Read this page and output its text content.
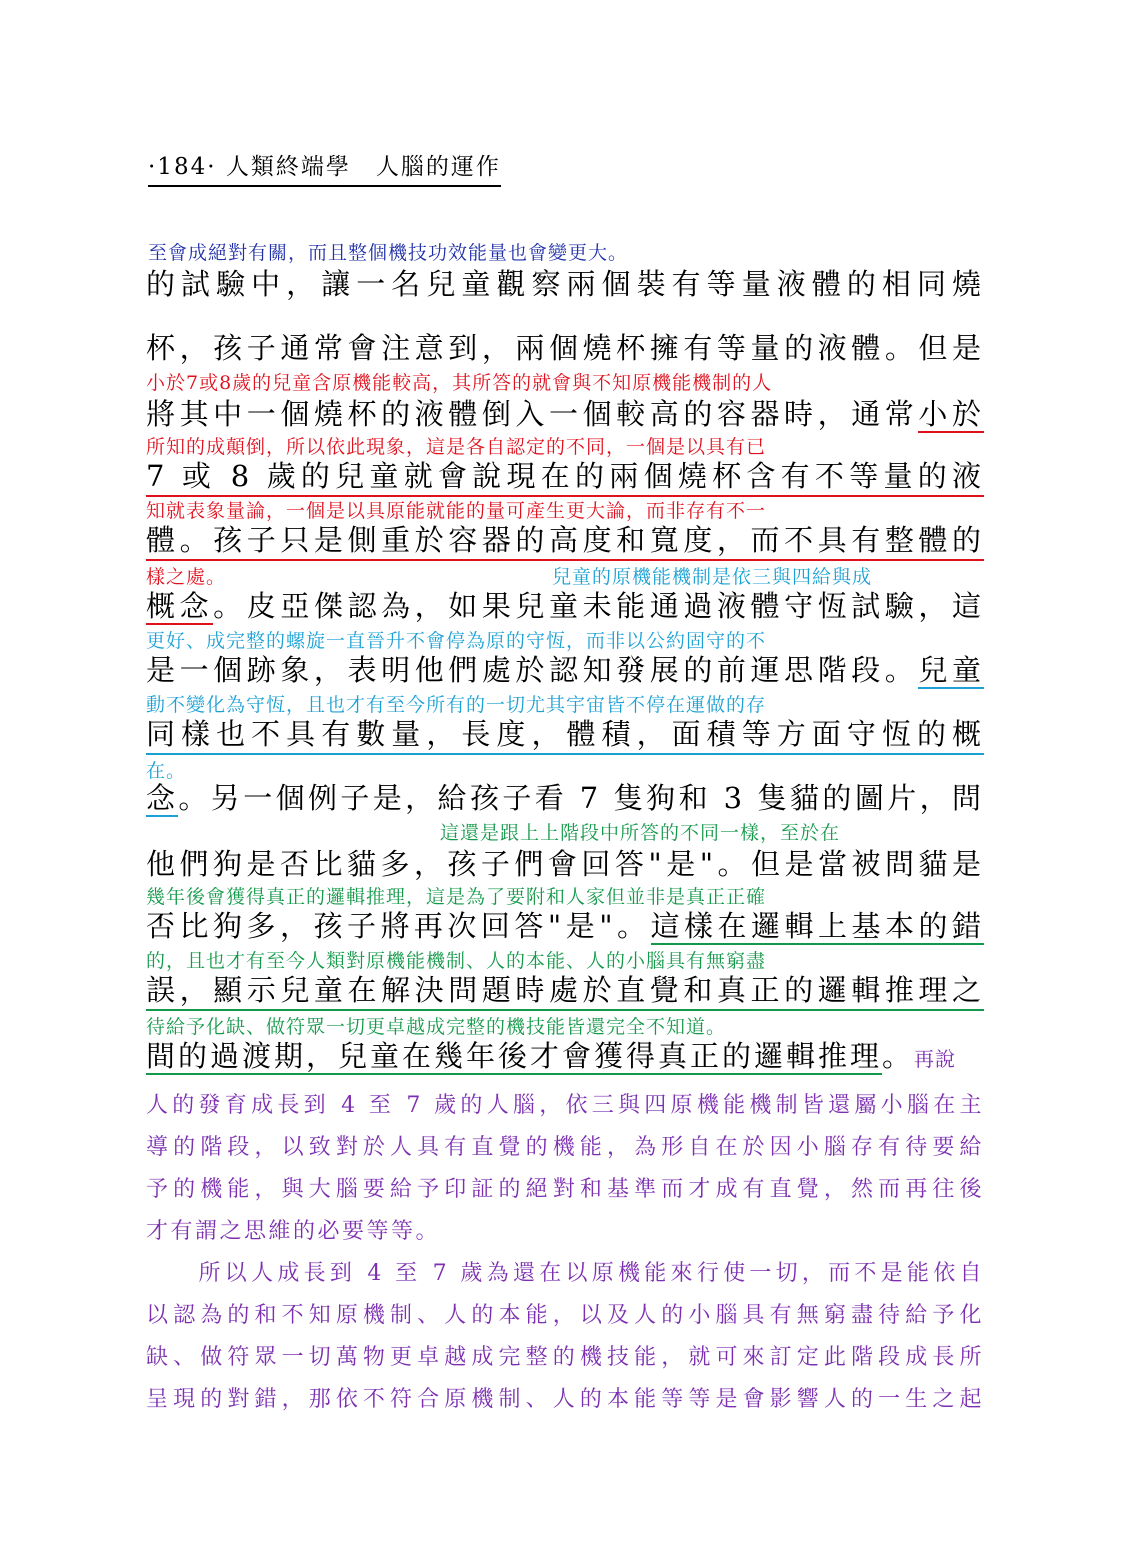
·184· 人類終端學　人腦的運作
至會成絕對有關，而且整個機技功效能量也會變更大。
的試驗中，讓一名兒童觀察兩個裝有等量液體的相同燒
杯，孩子通常會注意到，兩個燒杯擁有等量的液體。但是
小於7或8歲的兒童含原機能較高，其所答的就會與不知原機能機制的人
將其中一個燒杯的液體倒入一個較高的容器時，通常小於
所知的成顛倒，所以依此現象，這是各自認定的不同，一個是以具有已
7 或 8 歲的兒童就會說現在的兩個燒杯含有不等量的液
知就表象量論，一個是以具原能就能的量可產生更大論，而非存有不一
體。孩子只是側重於容器的高度和寬度，而不具有整體的
樣之處。	兒童的原機能機制是依三與四給與成
概念。皮亞傑認為，如果兒童未能通過液體守恆試驗，這
更好、成完整的螺旋一直晉升不會停為原的守恆，而非以公約固守的不
是一個跡象，表明他們處於認知發展的前運思階段。兒童
動不變化為守恆，且也才有至今所有的一切尤其宇宙皆不停在運做的存
同樣也不具有數量，長度，體積，面積等方面守恆的概
在。
念。另一個例子是，給孩子看 7 隻狗和 3 隻貓的圖片，問
這還是跟上上階段中所答的不同一樣，至於在
他們狗是否比貓多，孩子們會回答"是"。但是當被問貓是
幾年後會獲得真正的邏輯推理，這是為了要附和人家但並非是真正正確
否比狗多，孩子將再次回答"是"。這樣在邏輯上基本的錯
的，且也才有至今人類對原機能機制、人的本能、人的小腦具有無窮盡
誤，顯示兒童在解決問題時處於直覺和真正的邏輯推理之
待給予化缺、做符眾一切更卓越成完整的機技能皆還完全不知道。
間的過渡期，兒童在幾年後才會獲得真正的邏輯推理。再說
人的發育成長到 4 至 7 歲的人腦，依三與四原機能機制皆還屬小腦在主
導的階段，以致對於人具有直覺的機能，為形自在於因小腦存有待要給
予的機能，與大腦要給予印証的絕對和基準而才成有直覺，然而再往後
才有謂之思維的必要等等。
　　所以人成長到 4 至 7 歲為還在以原機能來行使一切，而不是能依自
以認為的和不知原機制、人的本能，以及人的小腦具有無窮盡待給予化
缺、做符眾一切萬物更卓越成完整的機技能，就可來訂定此階段成長所
呈現的對錯，那依不符合原機制、人的本能等等是會影響人的一生之起
